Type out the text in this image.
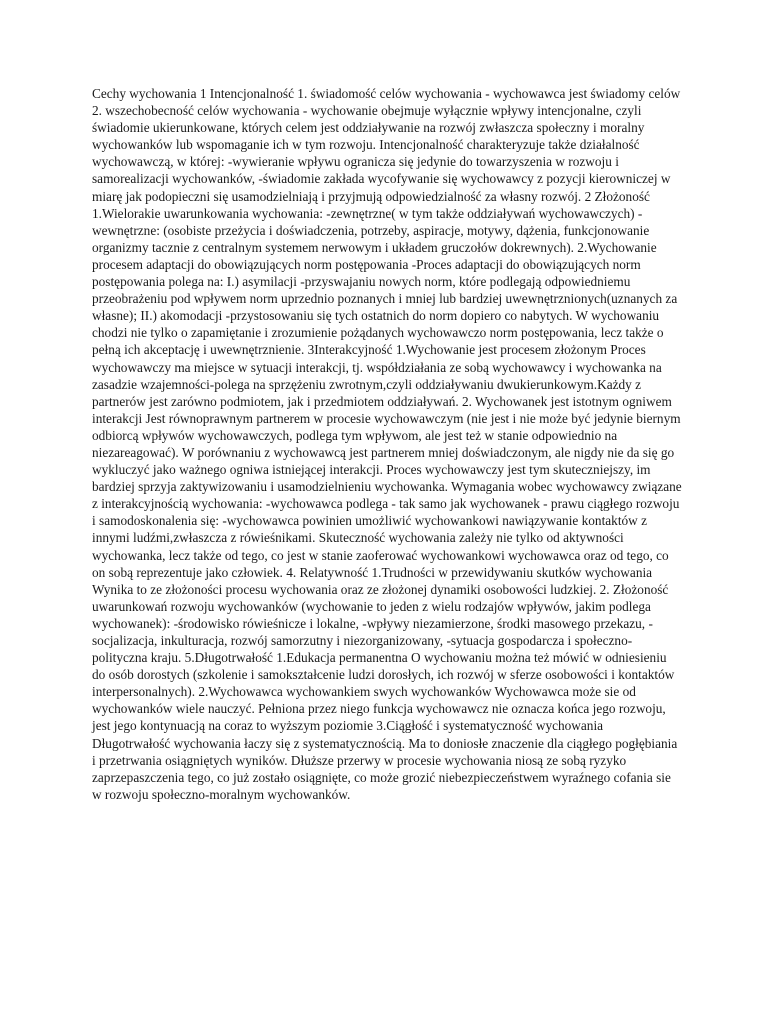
Cechy wychowania 1 Intencjonalność 1. świadomość celów wychowania - wychowawca jest świadomy celów 2. wszechobecność celów wychowania - wychowanie obejmuje wyłącznie wpływy intencjonalne, czyli świadomie ukierunkowane, których celem jest oddziaływanie na rozwój zwłaszcza społeczny i moralny wychowanków lub wspomaganie ich w tym rozwoju. Intencjonalność charakteryzuje także działalność wychowawczą, w której: -wywieranie wpływu ogranicza się jedynie do towarzyszenia w rozwoju i samorealizacji wychowanków, -świadomie zakłada wycofywanie się wychowawcy z pozycji kierowniczej w miarę jak podopieczni się usamodzielniają i przyjmują odpowiedzialność za własny rozwój. 2 Złożoność 1.Wielorakie uwarunkowania wychowania: -zewnętrzne( w tym także oddziaływań wychowawczych) -wewnętrzne: (osobiste przeżycia i doświadczenia, potrzeby, aspiracje, motywy, dążenia, funkcjonowanie organizmy tacznie z centralnym systemem nerwowym i układem gruczołów dokrewnych). 2.Wychowanie procesem adaptacji do obowiązujących norm postępowania -Proces adaptacji do obowiązujących norm postępowania polega na: I.) asymilacji -przyswajaniu nowych norm, które podlegają odpowiedniemu przeobrażeniu pod wpływem norm uprzednio poznanych i mniej lub bardziej uwewnętrznionych(uznanych za własne); II.) akomodacji -przystosowaniu się tych ostatnich do norm dopiero co nabytych. W wychowaniu chodzi nie tylko o zapamiętanie i zrozumienie pożądanych wychowawczo norm postępowania, lecz także o pełną ich akceptację i uwewnętrznienie. 3Interakcyjność 1.Wychowanie jest procesem złożonym Proces wychowawczy ma miejsce w sytuacji interakcji, tj. współdziałania ze sobą wychowawcy i wychowanka na zasadzie wzajemności-polega na sprzężeniu zwrotnym,czyli oddziaływaniu dwukierunkowym.Każdy z partnerów jest zarówno podmiotem, jak i przedmiotem oddziaływań. 2. Wychowanek jest istotnym ogniwem interakcji Jest równoprawnym partnerem w procesie wychowawczym (nie jest i nie może być jedynie biernym odbiorcą wpływów wychowawczych, podlega tym wpływom, ale jest też w stanie odpowiednio na niezareagować). W porównaniu z wychowawcą jest partnerem mniej doświadczonym, ale nigdy nie da się go wykluczyć jako ważnego ogniwa istniejącej interakcji. Proces wychowawczy jest tym skuteczniejszy, im bardziej sprzyja zaktywizowaniu i usamodzielnieniu wychowanka. Wymagania wobec wychowawcy związane z interakcyjnością wychowania: -wychowawca podlega - tak samo jak wychowanek - prawu ciągłego rozwoju i samodoskonalenia się: -wychowawca powinien umożliwić wychowankowi nawiązywanie kontaktów z innymi ludźmi,zwłaszcza z rówieśnikami. Skuteczność wychowania zależy nie tylko od aktywności wychowanka, lecz także od tego, co jest w stanie zaoferować wychowankowi wychowawca oraz od tego, co on sobą reprezentuje jako człowiek. 4. Relatywność 1.Trudności w przewidywaniu skutków wychowania Wynika to ze złożoności procesu wychowania oraz ze złożonej dynamiki osobowości ludzkiej. 2. Złożoność uwarunkowań rozwoju wychowanków (wychowanie to jeden z wielu rodzajów wpływów, jakim podlega wychowanek): -środowisko rówieśnicze i lokalne, -wpływy niezamierzone, środki masowego przekazu, -socjalizacja, inkulturacja, rozwój samorzutny i niezorganizowany, -sytuacja gospodarcza i społeczno-polityczna kraju. 5.Długotrwałość 1.Edukacja permanentna O wychowaniu można też mówić w odniesieniu do osób dorostych (szkolenie i samokształcenie ludzi dorosłych, ich rozwój w sferze osobowości i kontaktów interpersonalnych). 2.Wychowawca wychowankiem swych wychowanków Wychowawca może sie od wychowanków wiele nauczyć. Pełniona przez niego funkcja wychowawcz nie oznacza końca jego rozwoju, jest jego kontynuacją na coraz to wyższym poziomie 3.Ciągłość i systematyczność wychowania Długotrwałość wychowania łaczy się z systematycznością. Ma to doniosłe znaczenie dla ciągłego pogłębiania i przetrwania osiągniętych wyników. Dłuższe przerwy w procesie wychowania niosą ze sobą ryzyko zaprzepaszczenia tego, co już zostało osiągnięte, co może grozić niebezpieczeństwem wyraźnego cofania sie w rozwoju społeczno-moralnym wychowanków.
